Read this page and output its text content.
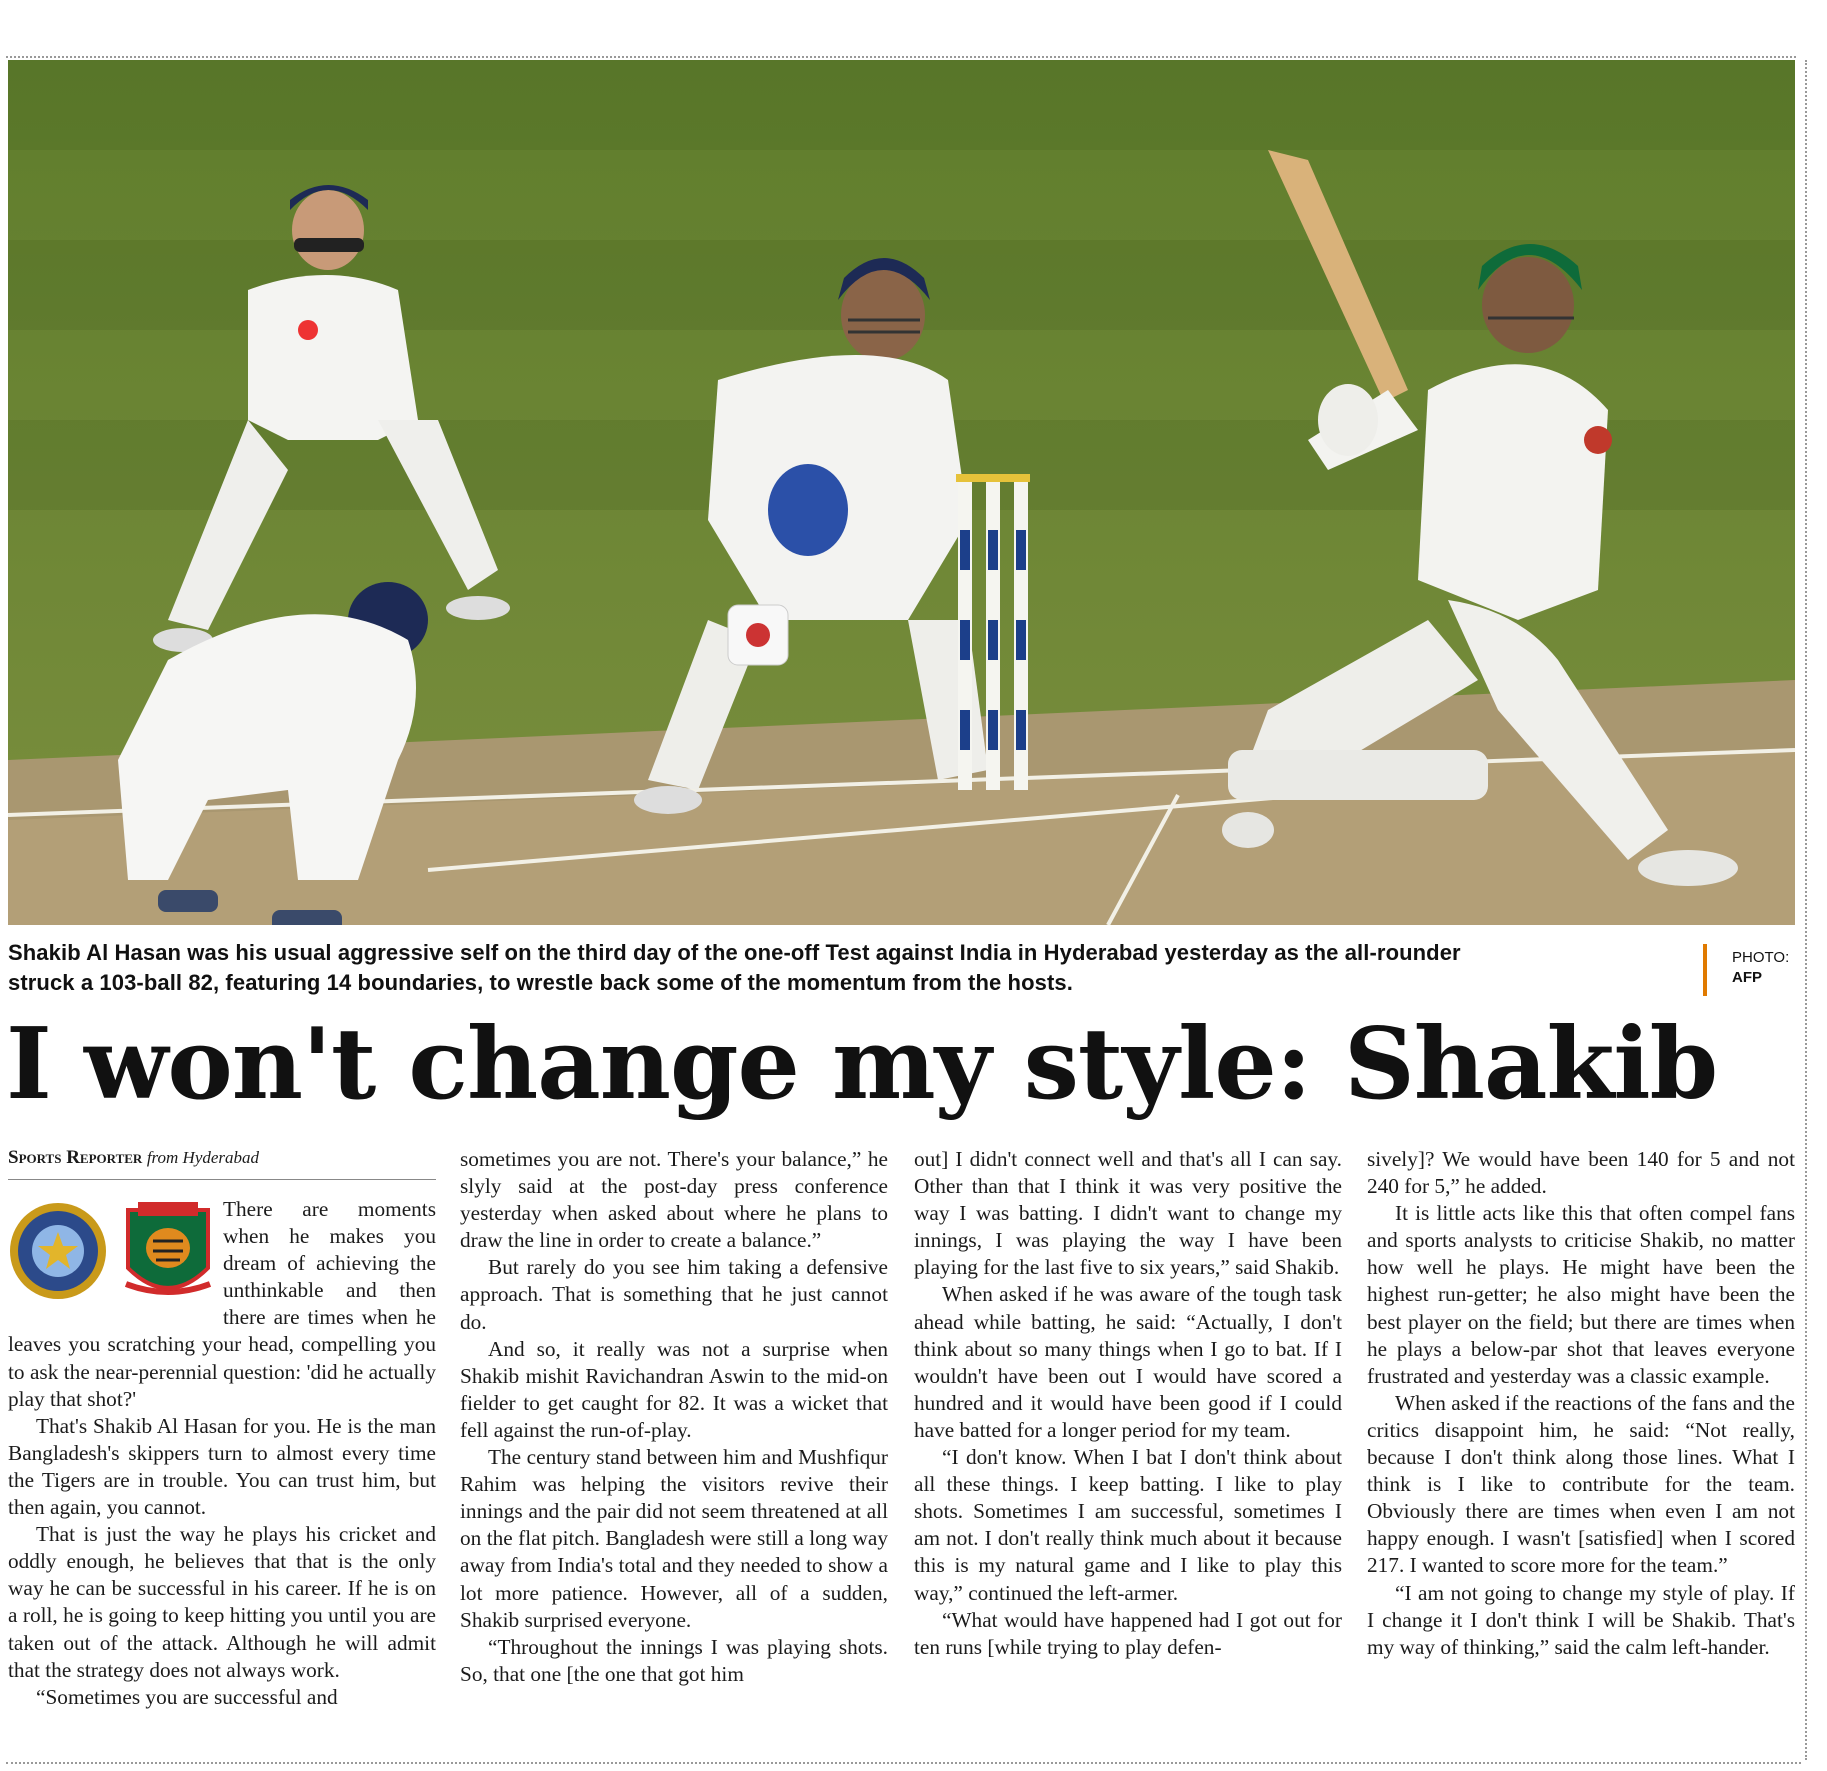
Shakib Al Hasan was his usual aggressive self on the third day of the one-off Test against India in Hyderabad yesterday as the all-rounder struck a 103-ball 82, featuring 14 boundaries, to wrestle back some of the momentum from the hosts.
PHOTO:
AFP
I won't change my style: Shakib
Sports Reporter from Hyderabad

There are moments when he makes you dream of achieving the unthinkable and then there are times when he leaves you scratching your head, compelling you to ask the near-perennial question: 'did he actually play that shot?'

That's Shakib Al Hasan for you. He is the man Bangladesh's skippers turn to almost every time the Tigers are in trouble. You can trust him, but then again, you cannot.

That is just the way he plays his cricket and oddly enough, he believes that that is the only way he can be successful in his career. If he is on a roll, he is going to keep hitting you until you are taken out of the attack. Although he will admit that the strategy does not always work.

“Sometimes you are successful and

sometimes you are not. There's your balance,” he slyly said at the post-day press conference yesterday when asked about where he plans to draw the line in order to create a balance.”

But rarely do you see him taking a defensive approach. That is something that he just cannot do.

And so, it really was not a surprise when Shakib mishit Ravichandran Aswin to the mid-on fielder to get caught for 82. It was a wicket that fell against the run-of-play.

The century stand between him and Mushfiqur Rahim was helping the visitors revive their innings and the pair did not seem threatened at all on the flat pitch. Bangladesh were still a long way away from India's total and they needed to show a lot more patience. However, all of a sudden, Shakib surprised everyone.

“Throughout the innings I was playing shots. So, that one [the one that got him

out] I didn't connect well and that's all I can say. Other than that I think it was very positive the way I was batting. I didn't want to change my innings, I was playing the way I have been playing for the last five to six years,” said Shakib.

When asked if he was aware of the tough task ahead while batting, he said: “Actually, I don't think about so many things when I go to bat. If I wouldn't have been out I would have scored a hundred and it would have been good if I could have batted for a longer period for my team.

“I don't know. When I bat I don't think about all these things. I keep batting. I like to play shots. Sometimes I am successful, sometimes I am not. I don't really think much about it because this is my natural game and I like to play this way,” continued the left-armer.

“What would have happened had I got out for ten runs [while trying to play defen-

sively]? We would have been 140 for 5 and not 240 for 5,” he added.

It is little acts like this that often compel fans and sports analysts to criticise Shakib, no matter how well he plays. He might have been the highest run-getter; he also might have been the best player on the field; but there are times when he plays a below-par shot that leaves everyone frustrated and yesterday was a classic example.

When asked if the reactions of the fans and the critics disappoint him, he said: “Not really, because I don't think along those lines. What I think is I like to contribute for the team. Obviously there are times when even I am not happy enough. I wasn't [satisfied] when I scored 217. I wanted to score more for the team.”

“I am not going to change my style of play. If I change it I don't think I will be Shakib. That's my way of thinking,” said the calm left-hander.
